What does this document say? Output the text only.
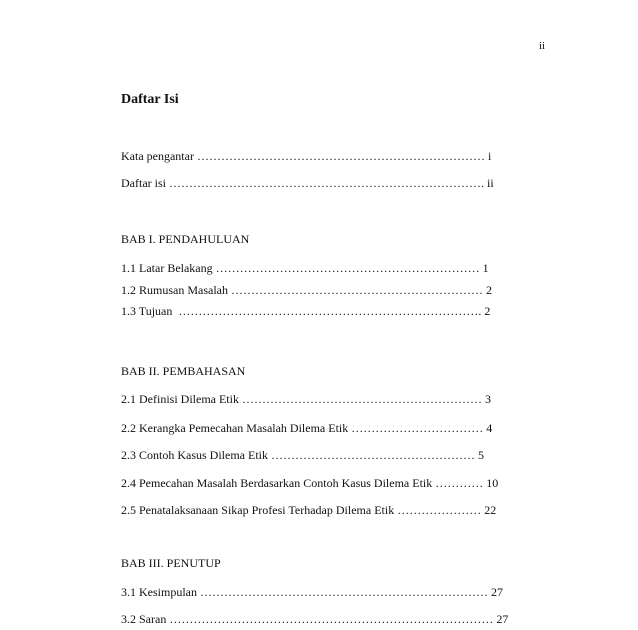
ii
Daftar Isi
Kata pengantar ……………………………………………………………… i
Daftar isi ……………………………………………………………………. ii
BAB I. PENDAHULUAN
1.1 Latar Belakang ………………………………………………………… 1
1.2 Rumusan Masalah ……………………………………………………… 2
1.3 Tujuan  …………………………………………………………………. 2
BAB II. PEMBAHASAN
2.1 Definisi Dilema Etik …………………………………………………… 3
2.2 Kerangka Pemecahan Masalah Dilema Etik …………………………… 4
2.3 Contoh Kasus Dilema Etik …………………………………………… 5
2.4 Pemecahan Masalah Berdasarkan Contoh Kasus Dilema Etik ………… 10
2.5 Penatalaksanaan Sikap Profesi Terhadap Dilema Etik ………………… 22
BAB III. PENUTUP
3.1 Kesimpulan ……………………………………………………………… 27
3.2 Saran ……………………………………………………………………… 27
